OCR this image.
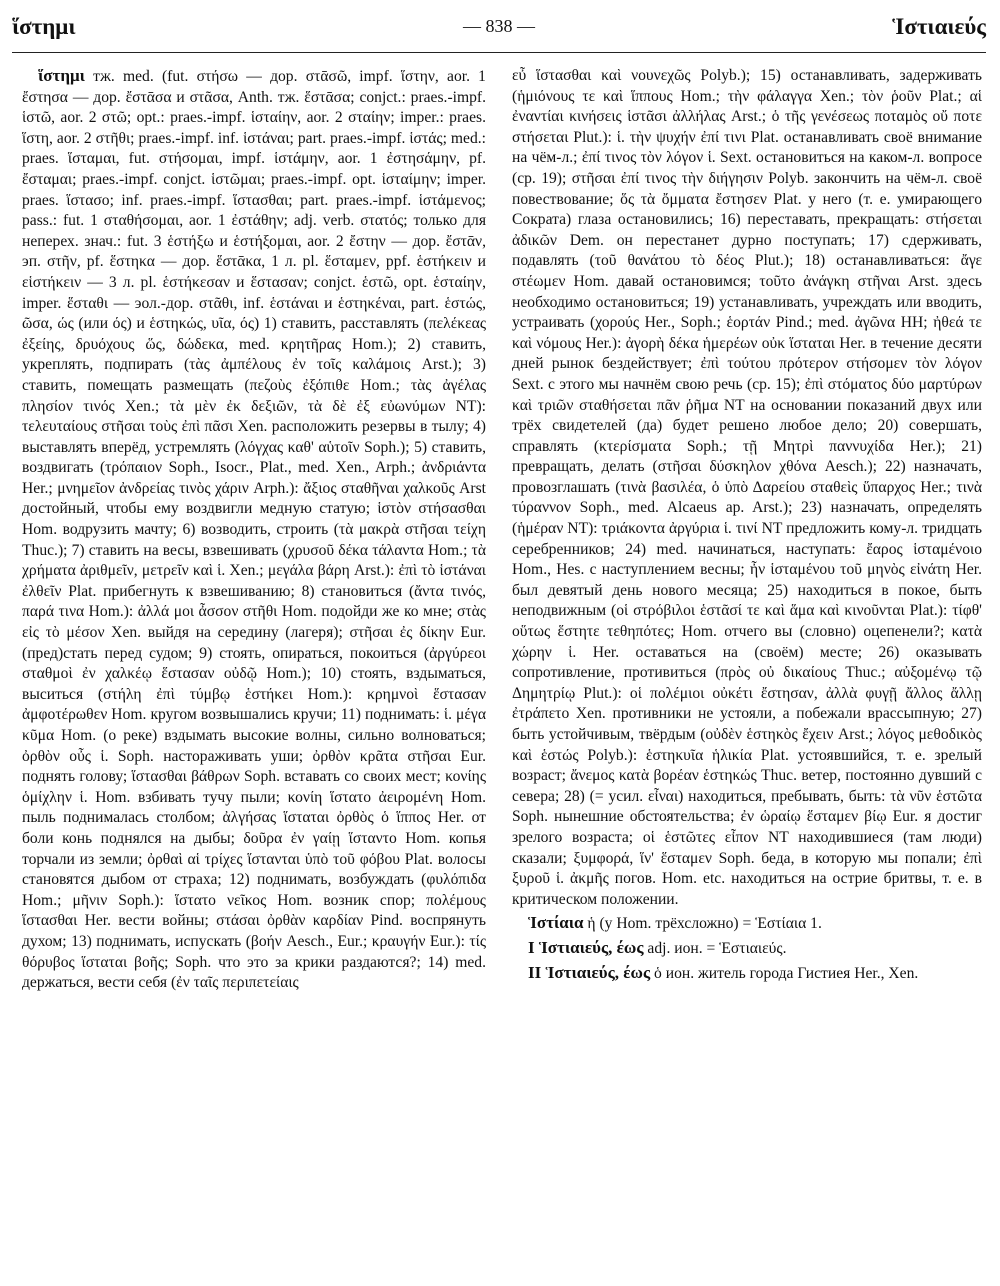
ἵστημι	— 838 —	Ἱστιαιεύς

ἵστημι тж. med. (fut. στήσω — дор. στᾱσῶ, impf. ἵστην, aor. 1 ἔστησα — дор. ἔστᾱσα и στᾶσα, Anth. тж. ἕστᾱσα; conjct.: praes.-impf. ἱστῶ, aor. 2 στῶ; opt.: praes.-impf. ἱσταίην, aor. 2 σταίην; imper.: praes. ἵστη, aor. 2 στῆθι; praes.-impf. inf. ἱστάναι; part. praes.-impf. ἱστάς; med.: praes. ἵσταμαι, fut. στήσομαι, impf. ἱστάμην, aor. 1 ἐστησάμην, pf. ἔσταμαι; praes.-impf. conjct. ἱστῶμαι; praes.-impf. opt. ἱσταίμην; imper. praes. ἵστασο; inf. praes.-impf. ἵστασθαι; part. praes.-impf. ἱστάμενος; pass.: fut. 1 σταθήσομαι, aor. 1 ἐστάθην; adj. verb. στατός; только для неперех. знач.: fut. 3 ἑστήξω и ἑστήξομαι, aor. 2 ἔστην — дор. ἔστᾱν, эп. στῆν, pf. ἕστηκα — дор. ἕστᾱκα, 1 л. pl. ἕσταμεν, ppf. ἑστήκειν и εἱστήκειν — 3 л. pl. ἑστήκεσαν и ἕστασαν; conjct. ἑστῶ, opt. ἑσταίην, imper. ἕσταθι — эол.-дор. στᾶθι, inf. ἑστάναι и ἑστηκέναι, part. ἑστώς, ῶσα, ώς (или ός) и ἑστηκώς, υῖα, ός) 1) ставить, расставлять (πελέκεας ἐξείης, δρυόχους ὥς, δώδεκα, med. κρητῆρας Hom.); 2) ставить, укреплять, подпирать (τὰς ἀμπέλους ἐν τοῖς καλάμοις Arst.); 3) ставить, помещать размещать (πεζοὺς ἐξόπιθε Hom.; τὰς ἀγέλας πλησίον τινός Xen.; τὰ μὲν ἐκ δεξιῶν, τὰ δὲ ἐξ εὐωνύμων NT): τελευταίους στῆσαι τοὺς ἐπὶ πᾶσι Xen. расположить резервы в тылу; 4) выставлять вперёд, устремлять (λόγχας καθ' αὑτοῖν Soph.); 5) ставить, воздвигать (τρόπαιον Soph., Isocr., Plat., med. Xen., Arph.; ἀνδριάντα Her.; μνημεῖον ἀνδρείας τινὸς χάριν Arph.): ἄξιος σταθῆναι χαλκοῦς Arst достойный, чтобы ему воздвигли медную статую; ἱστὸν στήσασθαι Hom. водрузить мачту; 6) возводить, строить (τὰ μακρὰ στῆσαι τείχη Thuc.); 7) ставить на весы, взвешивать (χρυσοῦ δέκα τάλαντα Hom.; τὰ χρήματα ἀριθμεῖν, μετρεῖν καὶ ἱ. Xen.; μεγάλα βάρη Arst.): ἐπὶ τὸ ἱστάναι ἐλθεῖν Plat. прибегнуть к взвешиванию; 8) становиться (ἄντα τινός, παρά τινα Hom.): ἀλλά μοι ἆσσον στῆθι Hom. подойди же ко мне; στὰς εἰς τὸ μέσον Xen. выйдя на середину (лагеря); στῆσαι ἐς δίκην Eur. (пред)стать перед судом; 9) стоять, опираться, покоиться (ἀργύρεοι σταθμοὶ ἐν χαλκέῳ ἕστασαν οὐδῷ Hom.); 10) стоять, вздыматься, выситься (στήλη ἐπὶ τύμβῳ ἑστήκει Hom.): κρημνοὶ ἕστασαν ἀμφοτέρωθεν Hom. кругом возвышались кручи; 11) поднимать: ἱ. μέγα κῦμα Hom. (о реке) вздымать высокие волны, сильно волноваться; ὀρθὸν οὖς ἱ. Soph. настораживать уши; ὀρθὸν κρᾶτα στῆσαι Eur. поднять голову; ἵστασθαι βάθρων Soph. вставать со своих мест; κονίης ὁμίχλην ἱ. Hom. взбивать тучу пыли; κονίη ἵστατο ἀειρομένη Hom. пыль поднималась столбом; ἀλγήσας ἵσταται ὀρθὸς ὁ ἵππος Her. от боли конь поднялся на дыбы; δοῦρα ἐν γαίῃ ἵσταντο Hom. копья торчали из земли; ὀρθαὶ αἱ τρίχες ἵστανται ὑπὸ τοῦ φόβου Plat. волосы становятся дыбом от страха; 12) поднимать, возбуждать (φυλόπιδα Hom.; μῆνιν Soph.): ἵστατο νεῖκος Hom. возник спор; πολέμους ἵστασθαι Her. вести войны; στάσαι ὀρθὰν καρδίαν Pind. воспрянуть духом; 13) поднимать, испускать (βοήν Aesch., Eur.; κραυγήν Eur.): τίς θόρυβος ἵσταται βοῆς; Soph. что это за крики раздаются?; 14) med. держаться, вести себя (ἐν ταῖς περιπετείαις

εὖ ἵστασθαι καὶ νουνεχῶς Polyb.); 15) останавливать, задерживать (ἡμιόνους τε καὶ ἵππους Hom.; τὴν φάλαγγα Xen.; τὸν ῥοῦν Plat.; αἱ ἐναντίαι κινήσεις ἱστᾶσι ἀλλήλας Arst.; ὁ τῆς γενέσεως ποταμὸς οὔ ποτε στήσεται Plut.): ἱ. τὴν ψυχήν ἐπί τινι Plat. останавливать своё внимание на чём-л.; ἐπί τινος τὸν λόγον ἱ. Sext. остановиться на каком-л. вопросе (ср. 19); στῆσαι ἐπί τινος τὴν διήγησιν Polyb. закончить на чём-л. своё повествование; ὅς τὰ ὄμματα ἔστησεν Plat. у него (т. е. умирающего Сократа) глаза остановились; 16) переставать, прекращать: στήσεται ἀδικῶν Dem. он перестанет дурно поступать; 17) сдерживать, подавлять (τοῦ θανάτου τὸ δέος Plut.); 18) останавливаться: ἄγε στέωμεν Hom. давай остановимся; τοῦτο ἀνάγκη στῆναι Arst. здесь необходимо остановиться; 19) устанавливать, учреждать или вводить, устраивать (χορούς Her., Soph.; ἑορτάν Pind.; med. ἀγῶνα HH; ἠθεά τε καὶ νόμους Her.): ἀγορὴ δέκα ἡμερέων οὐκ ἵσταται Her. в течение десяти дней рынок бездействует; ἐπὶ τούτου πρότερον στήσομεν τὸν λόγον Sext. с этого мы начнём свою речь (ср. 15); ἐπὶ στόματος δύο μαρτύρων καὶ τριῶν σταθήσεται πᾶν ῥῆμα NT на основании показаний двух или трёх свидетелей (да) будет решено любое дело; 20) совершать, справлять (κτερίσματα Soph.; τῇ Μητρὶ παννυχίδα Her.); 21) превращать, делать (στῆσαι δύσκηλον χθόνα Aesch.); 22) назначать, провозглашать (τινὰ βασιλέα, ὁ ὑπὸ Δαρείου σταθεὶς ὕπαρχος Her.; τινὰ τύραννον Soph., med. Alcaeus ap. Arst.); 23) назначать, определять (ἡμέραν NT): τριάκοντα ἀργύρια ἱ. τινί NT предложить кому-л. тридцать серебренников; 24) med. начинаться, наступать: ἔαρος ἱσταμένοιο Hom., Hes. с наступлением весны; ἦν ἱσταμένου τοῦ μηνὸς εἰνάτη Her. был девятый день нового месяца; 25) находиться в покое, быть неподвижным (οἱ στρόβιλοι ἑστᾶσί τε καὶ ἅμα καὶ κινοῦνται Plat.): τίφθ' οὕτως ἕστητε τεθηπότες; Hom. отчего вы (словно) оцепенели?; κατὰ χώρην ἱ. Her. оставаться на (своём) месте; 26) оказывать сопротивление, противиться (πρὸς οὐ δικαίους Thuc.; αὐξομένῳ τῷ Δημητρίῳ Plut.): οἱ πολέμιοι οὐκέτι ἔστησαν, ἀλλὰ φυγῇ ἄλλος ἄλλῃ ἐτράπετο Xen. противники не устояли, а побежали врассыпную; 27) быть устойчивым, твёрдым (οὐδὲν ἑστηκὸς ἔχειν Arst.; λόγος μεθοδικὸς καὶ ἑστώς Polyb.): ἑστηκυῖα ἡλικία Plat. устоявшийся, т. е. зрелый возраст; ἄνεμος κατὰ βορέαν ἑστηκώς Thuc. ветер, постоянно дувший с севера; 28) (= усил. εἶναι) находиться, пребывать, быть: τὰ νῦν ἑστῶτα Soph. нынешние обстоятельства; ἐν ὡραίῳ ἕσταμεν βίῳ Eur. я достиг зрелого возраста; οἱ ἑστῶτες εἶπον NT находившиеся (там люди) сказали; ξυμφορά, ἵν' ἕσταμεν Soph. беда, в которую мы попали; ἐπὶ ξυροῦ ἱ. ἀκμῆς погов. Hom. etc. находиться на острие бритвы, т. е. в критическом положении.

Ἱστίαια ἡ (у Hom. трёхсложно) = Ἑστίαια 1.

I Ἱστιαιεύς, έως adj. ион. = Ἑστιαιεύς.

II Ἱστιαιεύς, έως ὁ ион. житель города Гистиея Her., Xen.
